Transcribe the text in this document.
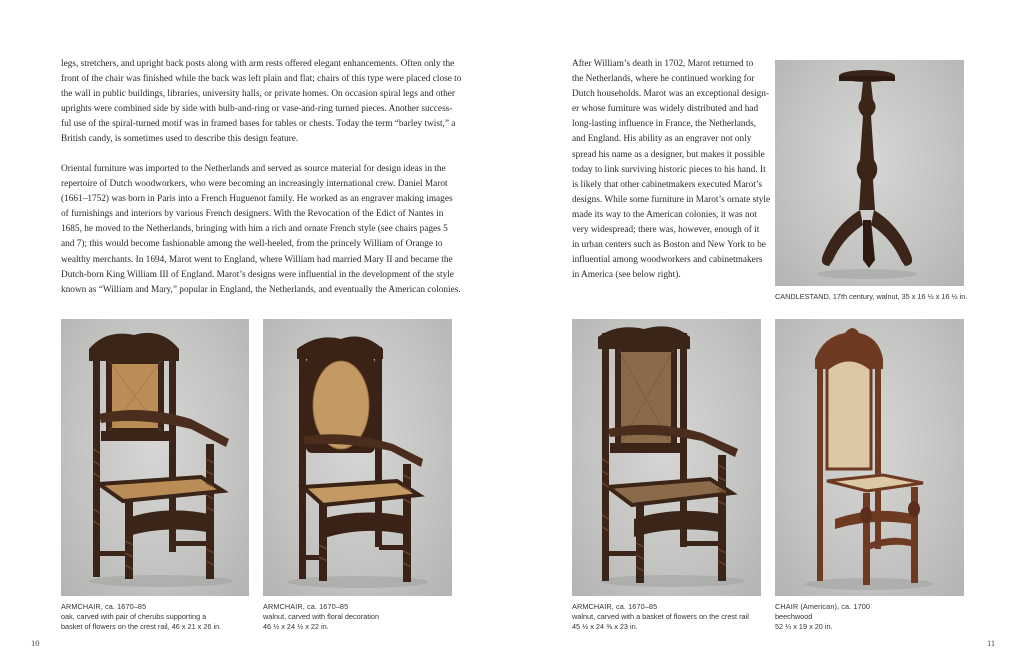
legs, stretchers, and upright back posts along with arm rests offered elegant enhancements. Often only the
front of the chair was finished while the back was left plain and flat; chairs of this type were placed close to
the wall in public buildings, libraries, university halls, or private homes. On occasion spiral legs and other
uprights were combined side by side with bulb-and-ring or vase-and-ring turned pieces. Another success-
ful use of the spiral-turned motif was in framed bases for tables or chests. Today the term “barley twist,” a
British candy, is sometimes used to describe this design feature.
Oriental furniture was imported to the Netherlands and served as source material for design ideas in the
repertoire of Dutch woodworkers, who were becoming an increasingly international crew. Daniel Marot
(1661–1752) was born in Paris into a French Huguenot family. He worked as an engraver making images
of furnishings and interiors by various French designers. With the Revocation of the Edict of Nantes in
1685, he moved to the Netherlands, bringing with him a rich and ornate French style (see chairs pages 5
and 7); this would become fashionable among the well-heeled, from the princely William of Orange to
wealthy merchants. In 1694, Marot went to England, where William had married Mary II and became the
Dutch-born King William III of England. Marot’s designs were influential in the development of the style
known as “William and Mary,” popular in England, the Netherlands, and eventually the American colonies.
ARMCHAIR, ca. 1670–85
oak, carved with pair of cherubs supporting a
basket of flowers on the crest rail, 46 x 21 x 26 in.
ARMCHAIR, ca. 1670–85
walnut, carved with floral decoration
46 ½ x 24 ½ x 22 in.
10
After William’s death in 1702, Marot returned to
the Netherlands, where he continued working for
Dutch households. Marot was an exceptional design-
er whose furniture was widely distributed and had
long-lasting influence in France, the Netherlands,
and England. His ability as an engraver not only
spread his name as a designer, but makes it possible
today to link surviving historic pieces to his hand. It
is likely that other cabinetmakers executed Marot’s
designs. While some furniture in Marot’s ornate style
made its way to the American colonies, it was not
very widespread; there was, however, enough of it
in urban centers such as Boston and New York to be
influential among woodworkers and cabinetmakers
in America (see below right).
CANDLESTAND, 17th century, walnut, 35 x 16 ½ x 16 ½ in.
ARMCHAIR, ca. 1670–85
walnut, carved with a basket of flowers on the crest rail
45 ½ x 24 ⅜ x 23 in.
CHAIR (American), ca. 1700
beechwood
52 ¼ x 19 x 20 in.
11
